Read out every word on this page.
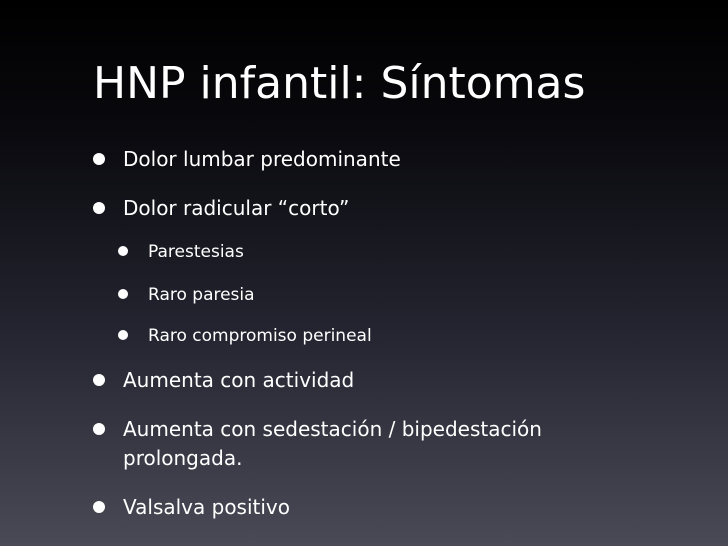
HNP infantil: Síntomas
Dolor lumbar predominante
Dolor radicular “corto”
Parestesias
Raro paresia
Raro compromiso perineal
Aumenta con actividad
Aumenta con sedestación / bipedestación
prolongada.
Valsalva positivo
